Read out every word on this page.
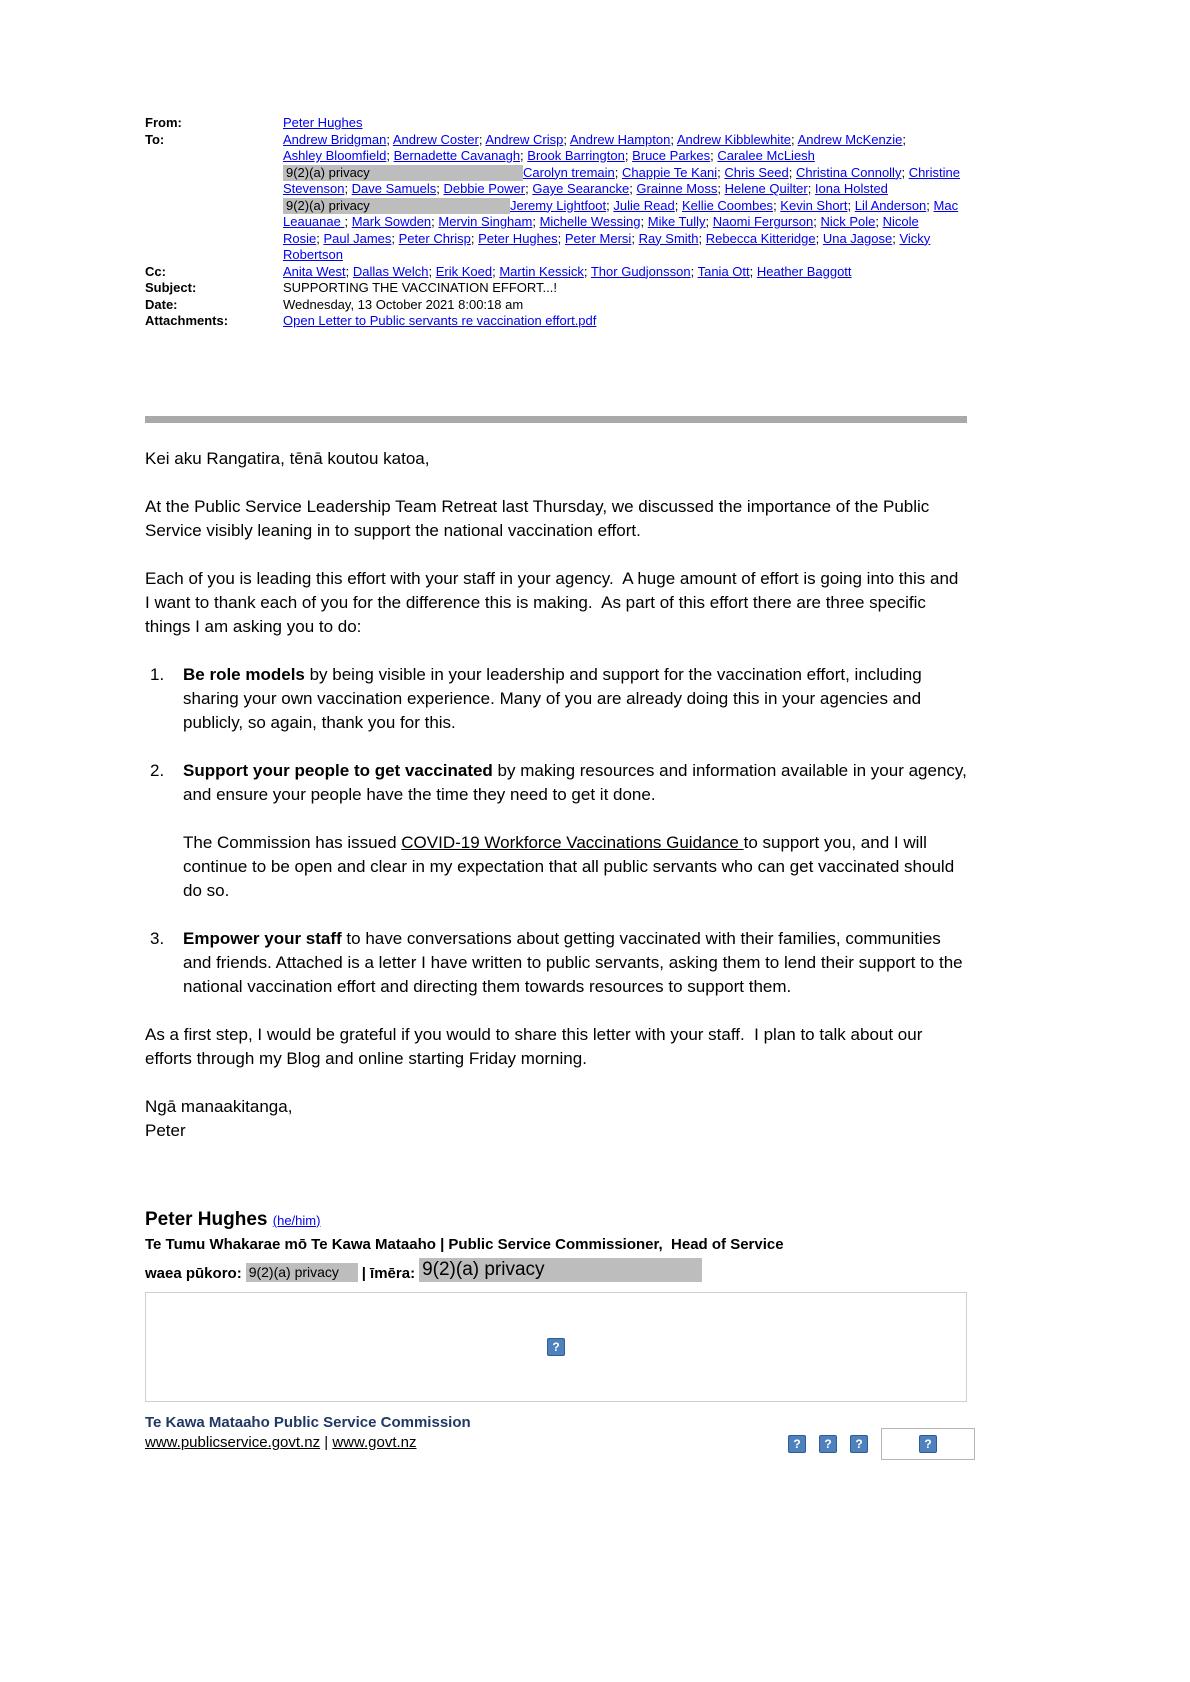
From:	Peter Hughes
To:	Andrew Bridgman; Andrew Coster; Andrew Crisp; Andrew Hampton; Andrew Kibblewhite; Andrew McKenzie;
Ashley Bloomfield; Bernadette Cavanagh; Brook Barrington; Bruce Parkes; Caralee McLiesh
9(2)(a) privacy	Carolyn tremain; Chappie Te Kani; Chris Seed; Christina Connolly; Christine
Stevenson; Dave Samuels; Debbie Power; Gaye Searancke; Grainne Moss; Helene Quilter; Iona Holsted
9(2)(a) privacy	Jeremy Lightfoot; Julie Read; Kellie Coombes; Kevin Short; Lil Anderson; Mac
Leauanae ; Mark Sowden; Mervin Singham; Michelle Wessing; Mike Tully; Naomi Fergurson; Nick Pole; Nicole
Rosie; Paul James; Peter Chrisp; Peter Hughes; Peter Mersi; Ray Smith; Rebecca Kitteridge; Una Jagose; Vicky
Robertson
Cc:	Anita West; Dallas Welch; Erik Koed; Martin Kessick; Thor Gudjonsson; Tania Ott; Heather Baggott
Subject:	SUPPORTING THE VACCINATION EFFORT...!
Date:	Wednesday, 13 October 2021 8:00:18 am
Attachments:	Open Letter to Public servants re vaccination effort.pdf

Kei aku Rangatira, tēnā koutou katoa,

At the Public Service Leadership Team Retreat last Thursday, we discussed the importance of the Public Service visibly leaning in to support the national vaccination effort.

Each of you is leading this effort with your staff in your agency.  A huge amount of effort is going into this and I want to thank each of you for the difference this is making.  As part of this effort there are three specific things I am asking you to do:

1.	Be role models by being visible in your leadership and support for the vaccination effort, including sharing your own vaccination experience. Many of you are already doing this in your agencies and publicly, so again, thank you for this.
2.	Support your people to get vaccinated by making resources and information available in your agency, and ensure your people have the time they need to get it done.
The Commission has issued COVID-19 Workforce Vaccinations Guidance to support you, and I will continue to be open and clear in my expectation that all public servants who can get vaccinated should do so.
3.	Empower your staff to have conversations about getting vaccinated with their families, communities and friends. Attached is a letter I have written to public servants, asking them to lend their support to the national vaccination effort and directing them towards resources to support them.

As a first step, I would be grateful if you would to share this letter with your staff.  I plan to talk about our efforts through my Blog and online starting Friday morning.

Ngā manaakitanga,
Peter
Peter Hughes (he/him)
Te Tumu Whakarae mō Te Kawa Mataaho | Public Service Commissioner,  Head of Service
waea pūkoro: 9(2)(a) privacy	| īmēra: 9(2)(a) privacy
?
Te Kawa Mataaho Public Service Commission
www.publicservice.govt.nz | www.govt.nz	?	?	?	?
